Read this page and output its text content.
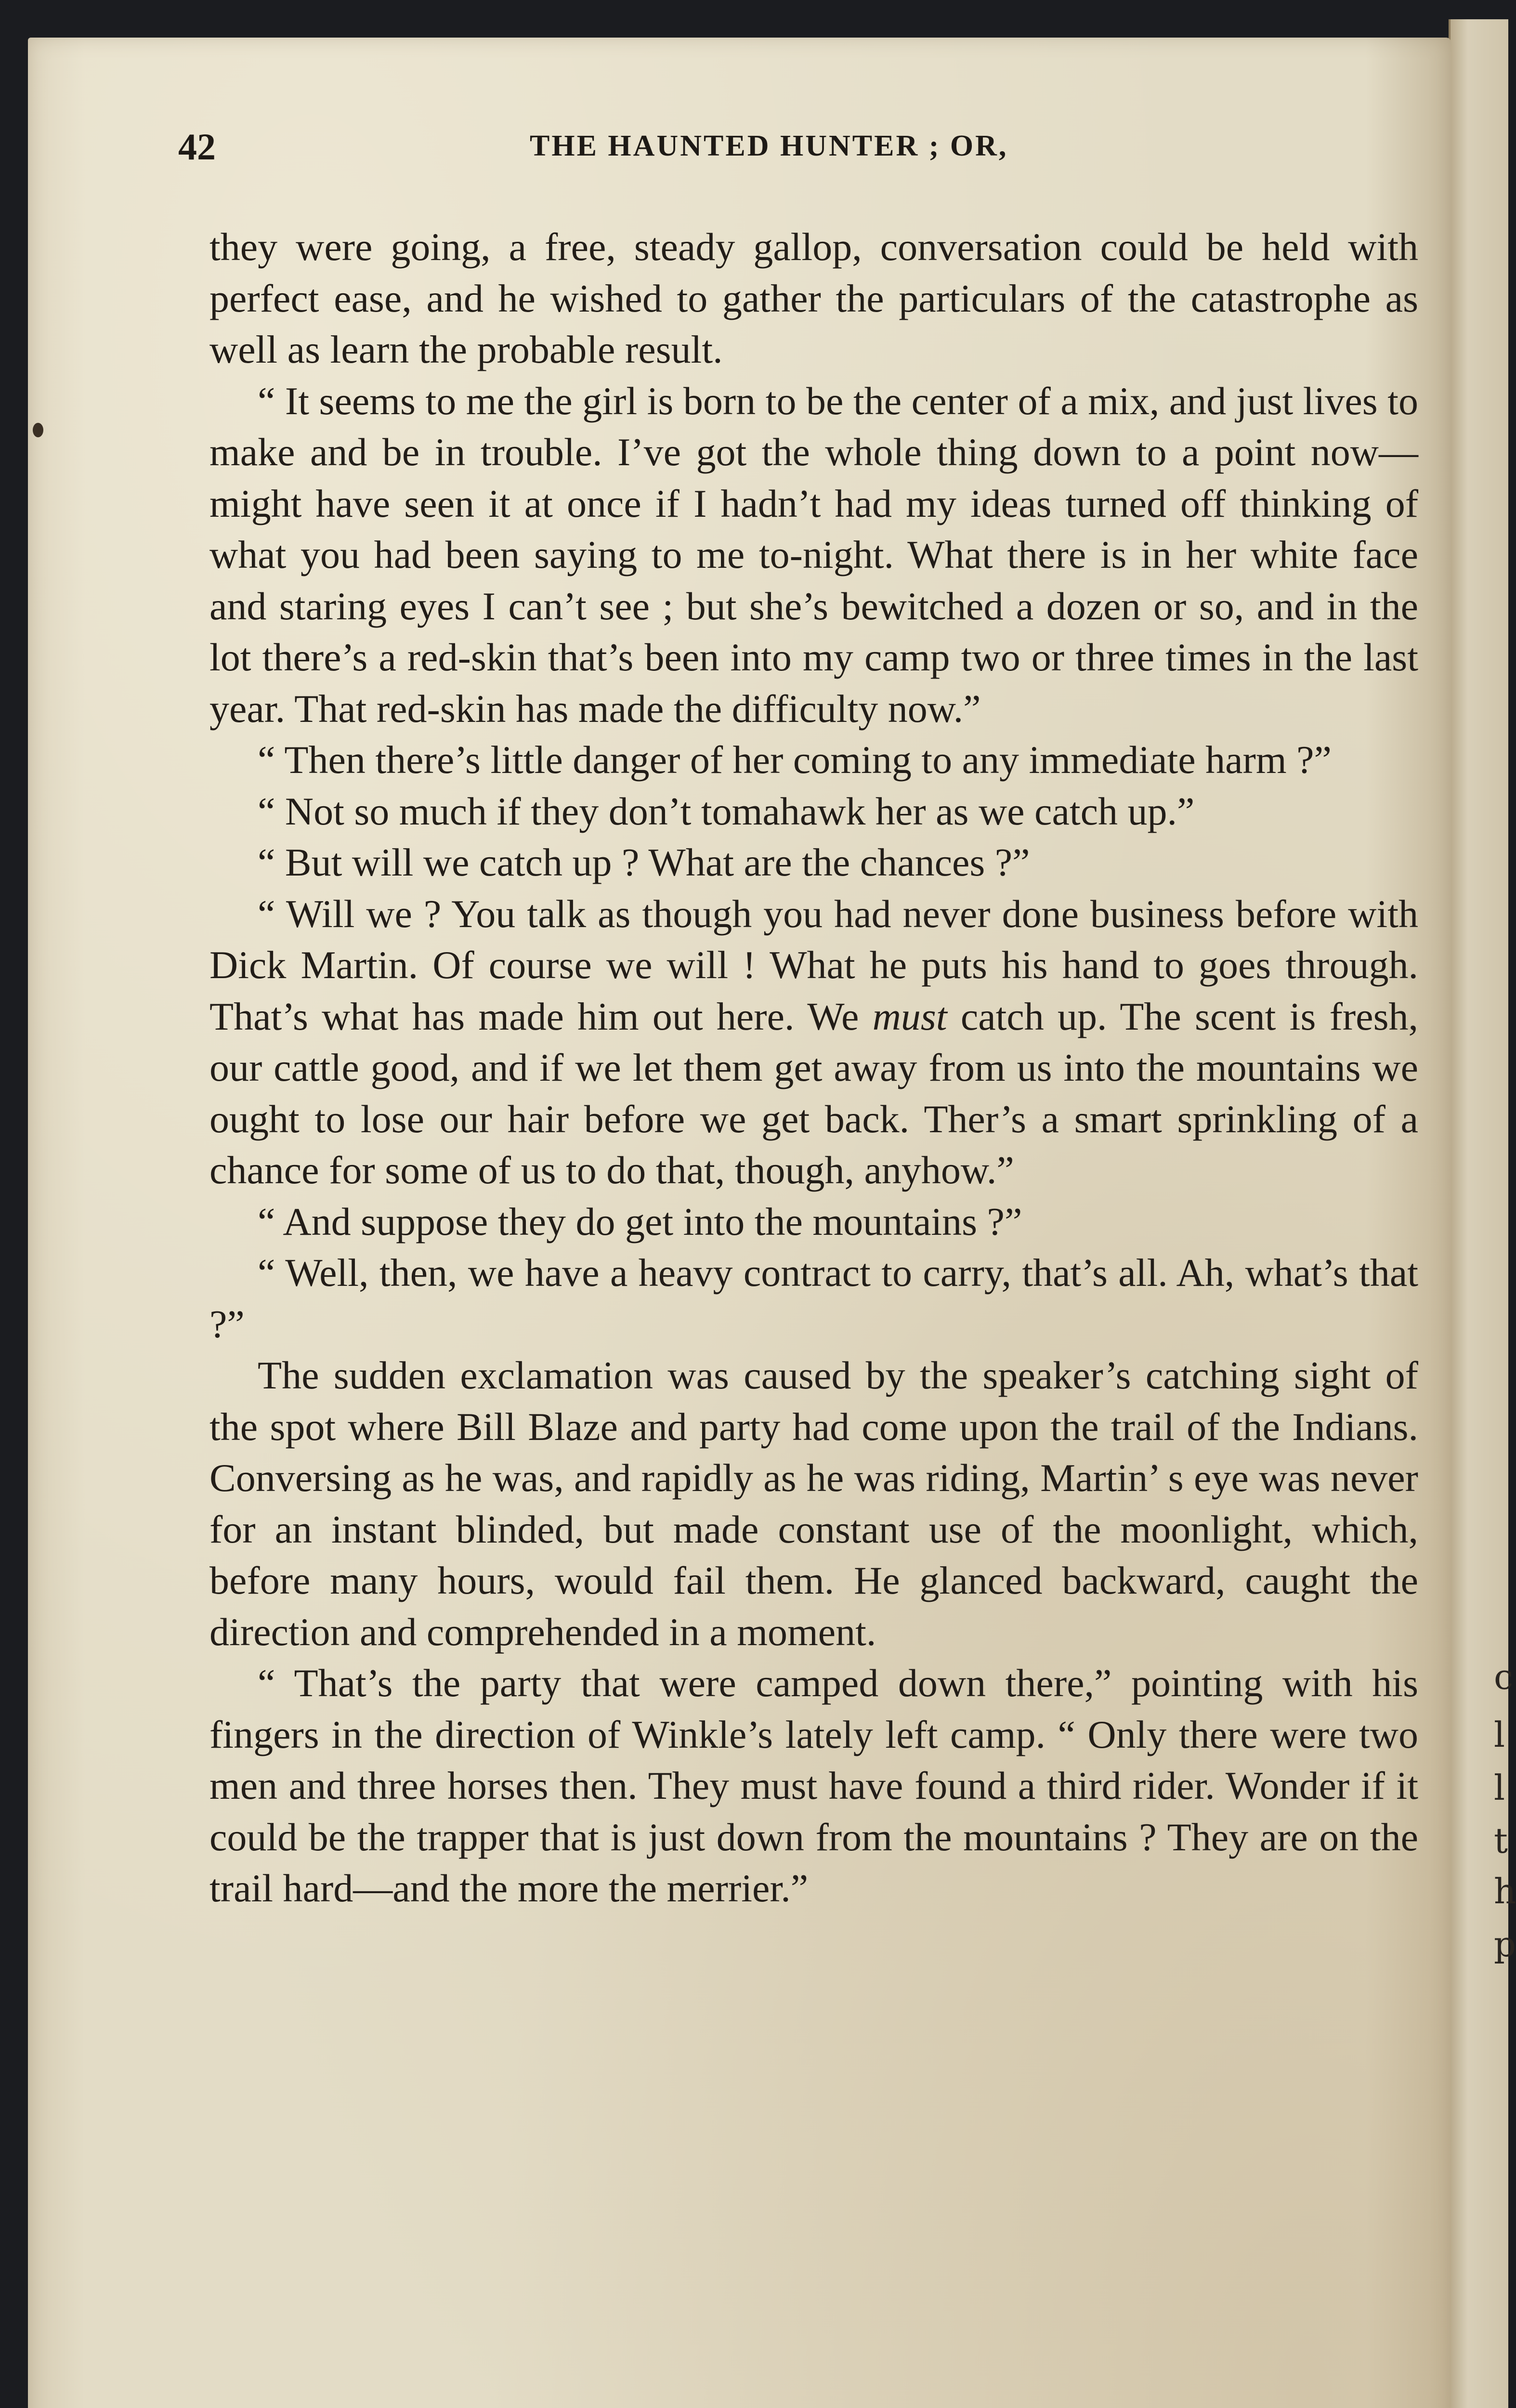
c
l
l
t
h
p
42	THE HAUNTED HUNTER ; OR,

they were going, a free, steady gallop, conversation could be held with perfect ease, and he wished to gather the particulars of the catastrophe as well as learn the probable result.

“ It seems to me the girl is born to be the center of a mix, and just lives to make and be in trouble. I’ve got the whole thing down to a point now—might have seen it at once if I hadn’t had my ideas turned off thinking of what you had been saying to me to-night. What there is in her white face and staring eyes I can’t see ; but she’s bewitched a dozen or so, and in the lot there’s a red-skin that’s been into my camp two or three times in the last year. That red-skin has made the difficulty now.”

“ Then there’s little danger of her coming to any immediate harm ?”

“ Not so much if they don’t tomahawk her as we catch up.”

“ But will we catch up ? What are the chances ?”

“ Will we ? You talk as though you had never done business before with Dick Martin. Of course we will ! What he puts his hand to goes through. That’s what has made him out here. We must catch up. The scent is fresh, our cattle good, and if we let them get away from us into the mountains we ought to lose our hair before we get back. Ther’s a smart sprinkling of a chance for some of us to do that, though, anyhow.”

“ And suppose they do get into the mountains ?”

“ Well, then, we have a heavy contract to carry, that’s all. Ah, what’s that ?”

The sudden exclamation was caused by the speaker’s catching sight of the spot where Bill Blaze and party had come upon the trail of the Indians. Conversing as he was, and rapidly as he was riding, Martin’ s eye was never for an instant blinded, but made constant use of the moonlight, which, before many hours, would fail them. He glanced backward, caught the direction and comprehended in a moment.

“ That’s the party that were camped down there,” pointing with his fingers in the direction of Winkle’s lately left camp. “ Only there were two men and three horses then. They must have found a third rider. Wonder if it could be the trapper that is just down from the mountains ? They are on the trail hard—and the more the merrier.”
